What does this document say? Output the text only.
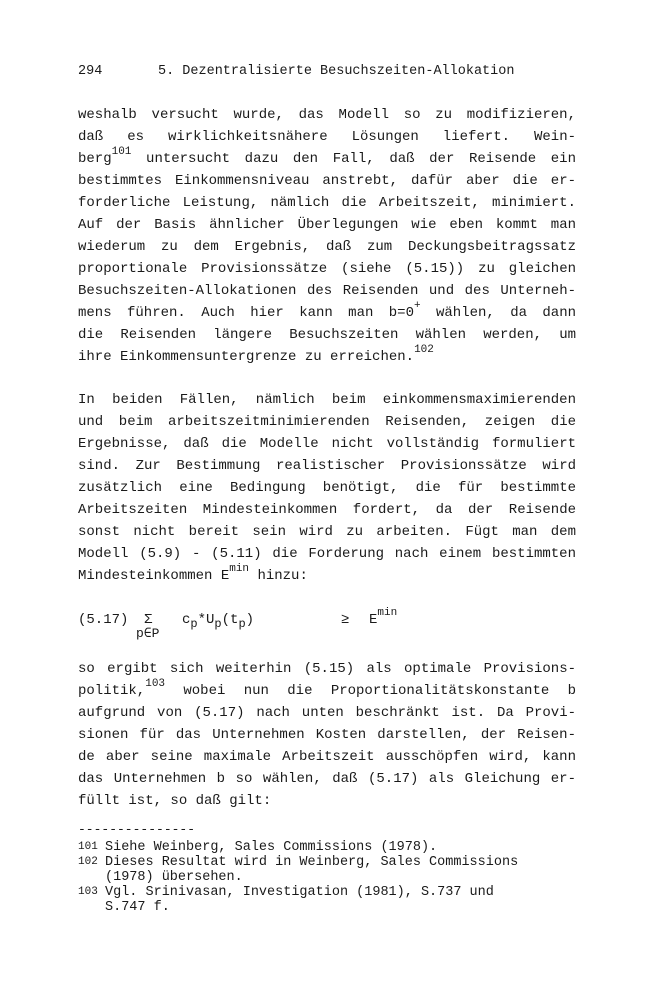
294	5. Dezentralisierte Besuchszeiten-Allokation
weshalb versucht wurde, das Modell so zu modifizieren,
daß es wirklichkeitsnähere Lösungen liefert. Wein-
berg$^{101}$ untersucht dazu den Fall, daß der Reisende ein
bestimmtes Einkommensniveau anstrebt, dafür aber die er-
forderliche Leistung, nämlich die Arbeitszeit, minimiert.
Auf der Basis ähnlicher Überlegungen wie eben kommt man
wiederum zu dem Ergebnis, daß zum Deckungsbeitragssatz
proportionale Provisionssätze (siehe (5.15)) zu gleichen
Besuchszeiten-Allokationen des Reisenden und des Unterneh-
mens führen. Auch hier kann man b=0+ wählen, da dann
die Reisenden längere Besuchszeiten wählen werden, um
ihre Einkommensuntergrenze zu erreichen.$^{102}$
In beiden Fällen, nämlich beim einkommensmaximierenden
und beim arbeitszeitminimierenden Reisenden, zeigen die
Ergebnisse, daß die Modelle nicht vollständig formuliert
sind. Zur Bestimmung realistischer Provisionssätze wird
zusätzlich eine Bedingung benötigt, die für bestimmte
Arbeitszeiten Mindesteinkommen fordert, da der Reisende
sonst nicht bereit sein wird zu arbeiten. Fügt man dem
Modell (5.9) - (5.11) die Forderung nach einem bestimmten
Mindesteinkommen $E^{min}$ hinzu:
(5.17) Σ
p∈P
$c_p*U_p(t_p)$	≥ $E^{min}$
so ergibt sich weiterhin (5.15) als optimale Provisions-
politik,$^{103}$ wobei nun die Proportionalitätskonstante b
aufgrund von (5.17) nach unten beschränkt ist. Da Provi-
sionen für das Unternehmen Kosten darstellen, der Reisen-
de aber seine maximale Arbeitszeit ausschöpfen wird, kann
das Unternehmen b so wählen, daß (5.17) als Gleichung er-
füllt ist, so daß gilt:
---------------
101 Siehe Weinberg, Sales Commissions (1978).
102 Dieses Resultat wird in Weinberg, Sales Commissions
(1978) übersehen.
103 Vgl. Srinivasan, Investigation (1981), S.737 und
S.747 f.
